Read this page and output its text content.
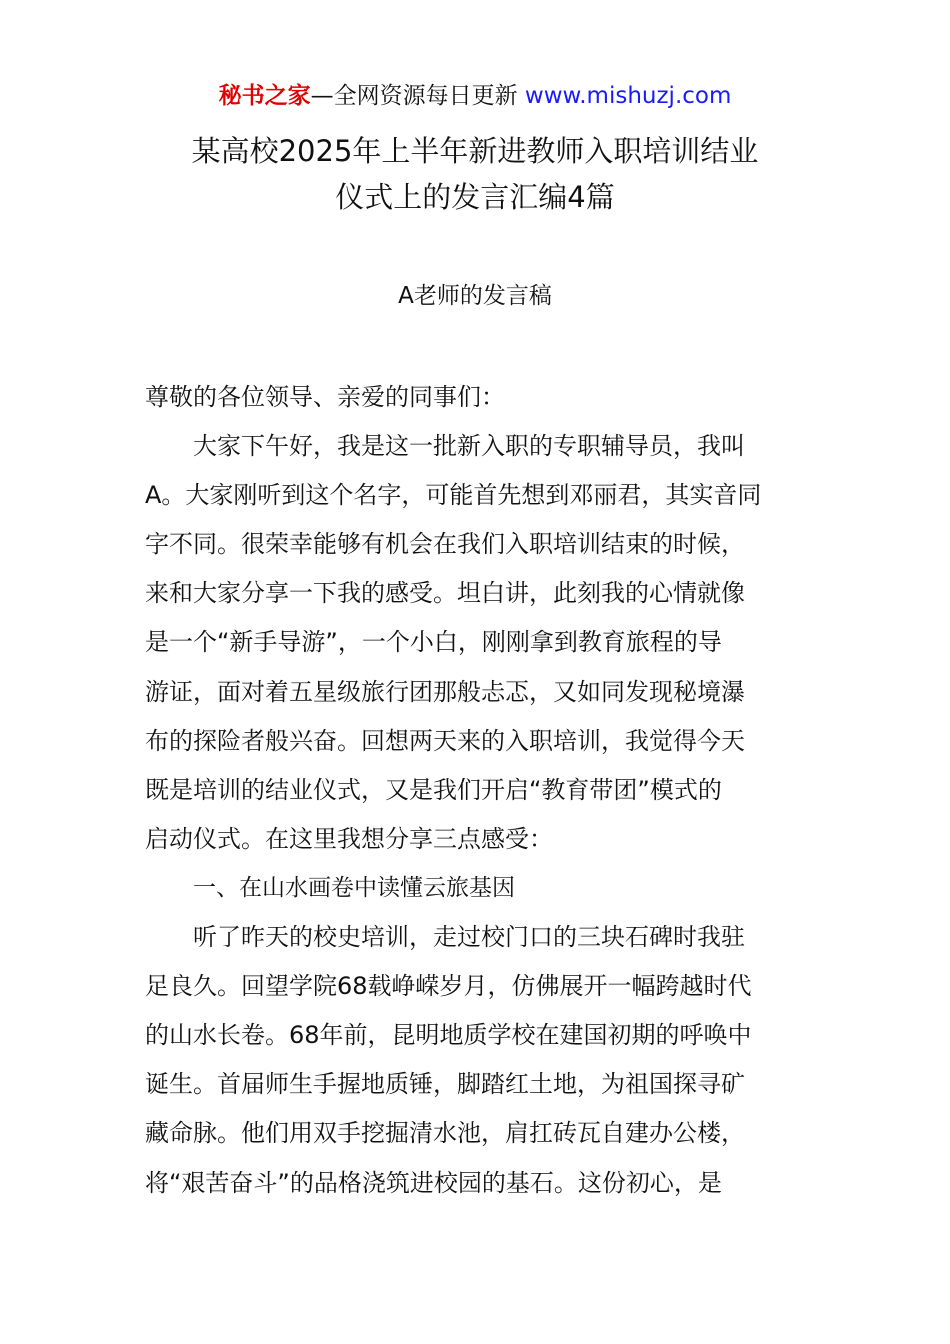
秘书之家—全网资源每日更新 www.mishuzj.com
某高校2025年上半年新进教师入职培训结业
仪式上的发言汇编4篇
A老师的发言稿
尊敬的各位领导、亲爱的同事们：
大家下午好，我是这一批新入职的专职辅导员，我叫
A。大家刚听到这个名字，可能首先想到邓丽君，其实音同
字不同。很荣幸能够有机会在我们入职培训结束的时候，
来和大家分享一下我的感受。坦白讲，此刻我的心情就像
是一个“新手导游”，一个小白，刚刚拿到教育旅程的导
游证，面对着五星级旅行团那般忐忑，又如同发现秘境瀑
布的探险者般兴奋。回想两天来的入职培训，我觉得今天
既是培训的结业仪式，又是我们开启“教育带团”模式的
启动仪式。在这里我想分享三点感受：
一、在山水画卷中读懂云旅基因
听了昨天的校史培训，走过校门口的三块石碑时我驻
足良久。回望学院68载峥嵘岁月，仿佛展开一幅跨越时代
的山水长卷。68年前，昆明地质学校在建国初期的呼唤中
诞生。首届师生手握地质锤，脚踏红土地，为祖国探寻矿
藏命脉。他们用双手挖掘清水池，肩扛砖瓦自建办公楼，
将“艰苦奋斗”的品格浇筑进校园的基石。这份初心，是
